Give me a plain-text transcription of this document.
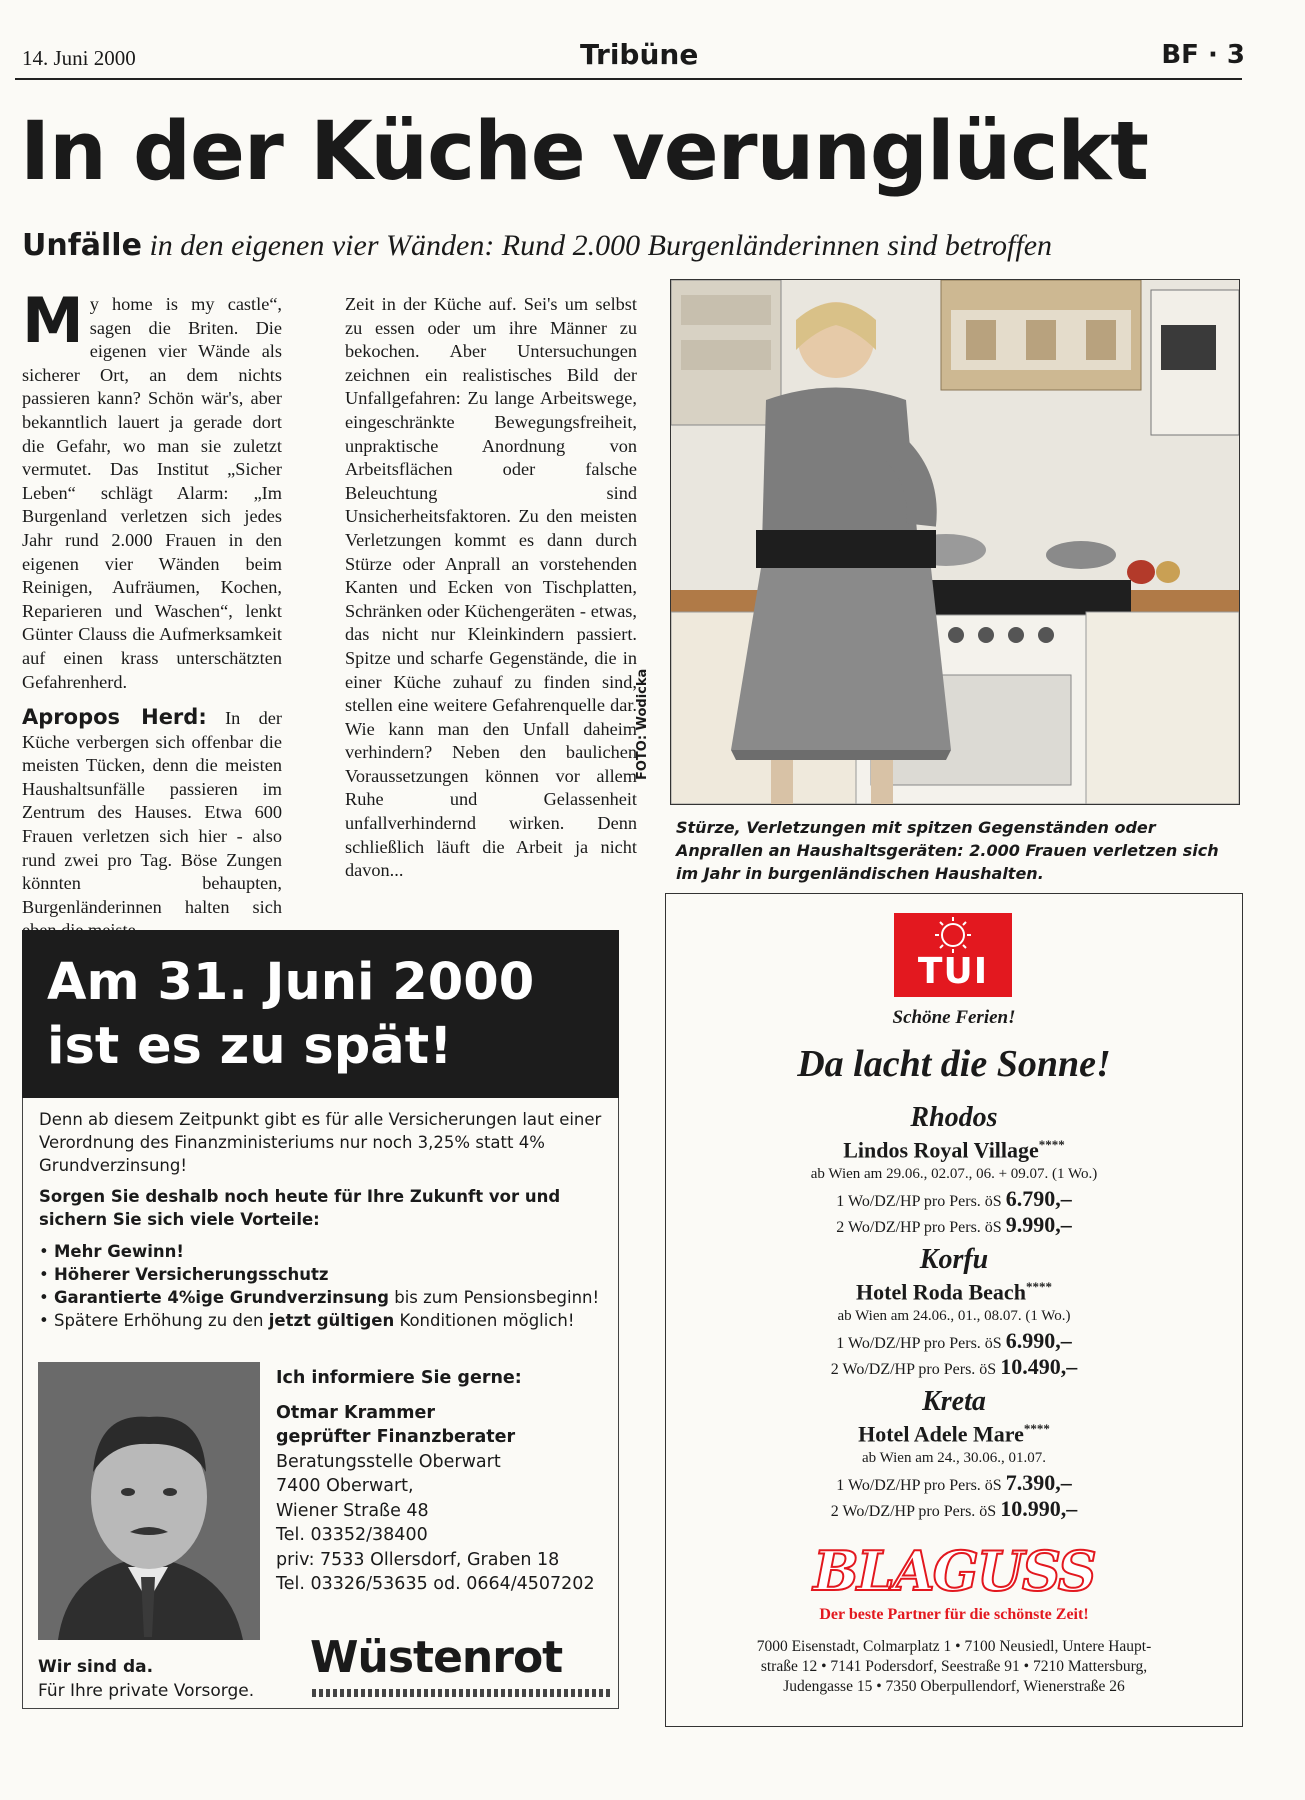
14. Juni 2000	Tribüne	BF · 3
In der Küche verunglückt
Unfälle in den eigenen vier Wänden: Rund 2.000 Burgenländerinnen sind betroffen

My home is my castle“, sagen die Briten. Die eigenen vier Wände als sicherer Ort, an dem nichts passieren kann? Schön wär's, aber bekanntlich lauert ja gerade dort die Gefahr, wo man sie zuletzt vermutet. Das Institut „Sicher Leben“ schlägt Alarm: „Im Burgenland verletzen sich jedes Jahr rund 2.000 Frauen in den eigenen vier Wänden beim Reinigen, Aufräumen, Kochen, Reparieren und Waschen“, lenkt Günter Clauss die Aufmerksamkeit auf einen krass unterschätzten Gefahrenherd.

Apropos Herd: In der Küche verbergen sich offenbar die meisten Tücken, denn die meisten Haushaltsunfälle passieren im Zentrum des Hauses. Etwa 600 Frauen verletzen sich hier - also rund zwei pro Tag. Böse Zungen könnten behaupten, Burgenländerinnen halten sich

Zeit in der Küche auf. Sei's um selbst zu essen oder um ihre Männer zu bekochen. Aber Untersuchungen zeichnen ein realistisches Bild der Unfallgefahren: Zu lange Arbeitswege, eingeschränkte Bewegungsfreiheit, unpraktische Anordnung von Arbeitsflächen oder falsche Beleuchtung sind Unsicherheitsfaktoren. Zu den meisten Verletzungen kommt es dann durch Stürze oder Anprall an vorstehenden Kanten und Ecken von Tischplatten, Schränken oder Küchengeräten - etwas, das nicht nur Kleinkindern passiert. Spitze und scharfe Gegenstände, die in einer Küche zuhauf zu finden sind, stellen eine weitere Gefahrenquelle dar. Wie kann man den Unfall daheim verhindern? Neben den baulichen Voraussetzungen können vor allem Ruhe und Gelassenheit unfallverhindernd wirken. Denn schließlich läuft die Arbeit ja nicht davon...

FOTO: Wodicka
Stürze, Verletzungen mit spitzen Gegenständen oder Anprallen an Haushaltsgeräten: 2.000 Frauen verletzen sich im Jahr in burgenländischen Haushalten.
Am 31. Juni 2000
ist es zu spät!
Denn ab diesem Zeitpunkt gibt es für alle Versicherungen laut einer Verordnung des Finanzministeriums nur noch 3,25% statt 4% Grundverzinsung!
Sorgen Sie deshalb noch heute für Ihre Zukunft vor und sichern Sie sich viele Vorteile:
• Mehr Gewinn!
• Höherer Versicherungsschutz
• Garantierte 4%ige Grundverzinsung bis zum Pensionsbeginn!
• Spätere Erhöhung zu den jetzt gültigen Konditionen möglich!
Ich informiere Sie gerne:
Otmar Krammer
geprüfter Finanzberater
Beratungsstelle Oberwart
7400 Oberwart,
Wiener Straße 48
Tel. 03352/38400
priv: 7533 Ollersdorf, Graben 18
Tel. 03326/53635 od. 0664/4507202
Wir sind da.
Für Ihre private Vorsorge.
Wüstenrot
Schöne Ferien!
Da lacht die Sonne!
Rhodos
Lindos Royal Village****
ab Wien am 29.06., 02.07., 06. + 09.07. (1 Wo.)
1 Wo/DZ/HP pro Pers. öS 6.790,–
2 Wo/DZ/HP pro Pers. öS 9.990,–
Korfu
Hotel Roda Beach****
ab Wien am 24.06., 01., 08.07. (1 Wo.)
1 Wo/DZ/HP pro Pers. öS 6.990,–
2 Wo/DZ/HP pro Pers. öS 10.490,–
Kreta
Hotel Adele Mare****
ab Wien am 24., 30.06., 01.07.
1 Wo/DZ/HP pro Pers. öS 7.390,–
2 Wo/DZ/HP pro Pers. öS 10.990,–
BLAGUSS
Der beste Partner für die schönste Zeit!
7000 Eisenstadt, Colmarplatz 1 • 7100 Neusiedl, Untere Haupt-
straße 12 • 7141 Podersdorf, Seestraße 91 • 7210 Mattersburg,
Judengasse 15 • 7350 Oberpullendorf, Wienerstraße 26
TUI
